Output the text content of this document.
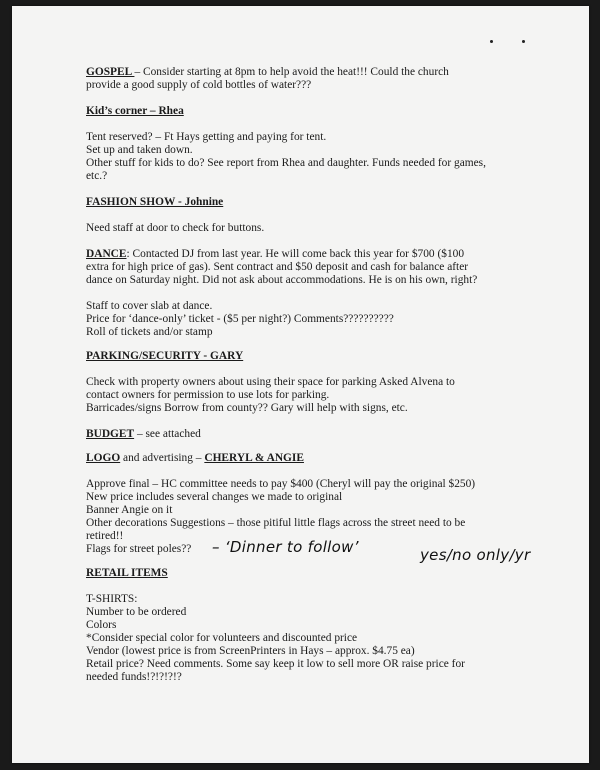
GOSPEL – Consider starting at 8pm to help avoid the heat!!! Could the church provide a good supply of cold bottles of water???

Kid’s corner – Rhea

Tent reserved? – Ft Hays getting and paying for tent.

Set up and taken down.

Other stuff for kids to do? See report from Rhea and daughter. Funds needed for games, etc.?

FASHION SHOW - Johnine

Need staff at door to check for buttons.

DANCE: Contacted DJ from last year. He will come back this year for $700 ($100 extra for high price of gas). Sent contract and $50 deposit and cash for balance after dance on Saturday night. Did not ask about accommodations. He is on his own, right?

Staff to cover slab at dance.

Price for ‘dance-only’ ticket - ($5 per night?) Comments??????????

Roll of tickets and/or stamp

PARKING/SECURITY - GARY

Check with property owners about using their space for parking Asked Alvena to contact owners for permission to use lots for parking.

Barricades/signs Borrow from county?? Gary will help with signs, etc.

BUDGET – see attached

LOGO and advertising – CHERYL & ANGIE

Approve final – HC committee needs to pay $400 (Cheryl will pay the original $250)

New price includes several changes we made to original

Banner Angie on it

Other decorations Suggestions – those pitiful little flags across the street need to be retired!!

Flags for street poles??

RETAIL ITEMS

T-SHIRTS:

Number to be ordered

Colors

*Consider special color for volunteers and discounted price

Vendor (lowest price is from ScreenPrinters in Hays – approx. $4.75 ea)

Retail price? Need comments. Some say keep it low to sell more OR raise price for needed funds!?!?!?!?

– ‘Dinner to follow’	yes/no only/yr
